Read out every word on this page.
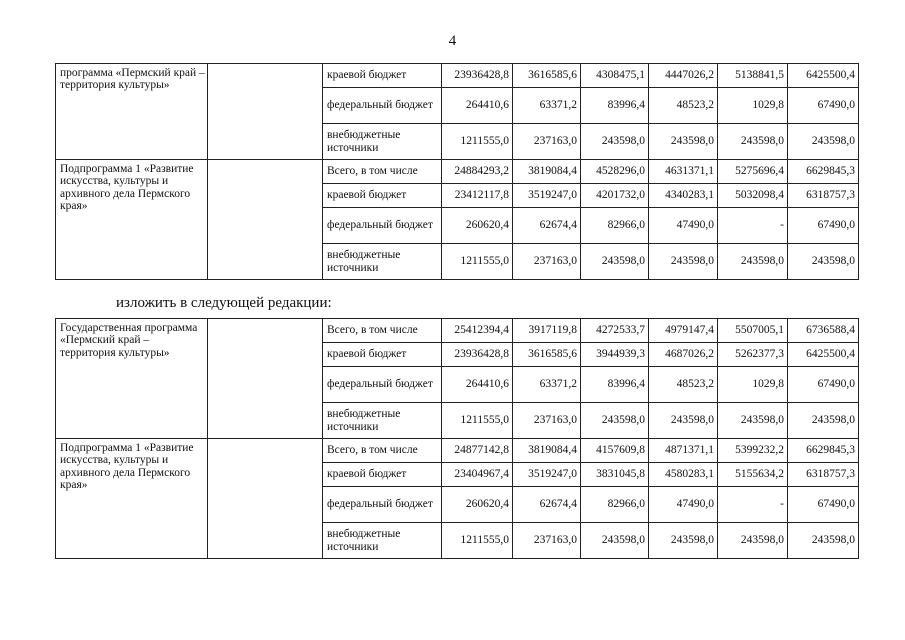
4
программа «Пермский край – территория культуры»		краевой бюджет	23936428,8	3616585,6	4308475,1	4447026,2	5138841,5	6425500,4
		федеральный бюджет	264410,6	63371,2	83996,4	48523,2	1029,8	67490,0
		внебюджетные источники	1211555,0	237163,0	243598,0	243598,0	243598,0	243598,0
Подпрограмма 1 «Развитие искусства, культуры и архивного дела Пермского края»		Всего, в том числе	24884293,2	3819084,4	4528296,0	4631371,1	5275696,4	6629845,3
		краевой бюджет	23412117,8	3519247,0	4201732,0	4340283,1	5032098,4	6318757,3
		федеральный бюджет	260620,4	62674,4	82966,0	47490,0	-	67490,0
		внебюджетные источники	1211555,0	237163,0	243598,0	243598,0	243598,0	243598,0
изложить в следующей редакции:
Государственная программа «Пермский край – территория культуры»		Всего, в том числе	25412394,4	3917119,8	4272533,7	4979147,4	5507005,1	6736588,4
		краевой бюджет	23936428,8	3616585,6	3944939,3	4687026,2	5262377,3	6425500,4
		федеральный бюджет	264410,6	63371,2	83996,4	48523,2	1029,8	67490,0
		внебюджетные источники	1211555,0	237163,0	243598,0	243598,0	243598,0	243598,0
Подпрограмма 1 «Развитие искусства, культуры и архивного дела Пермского края»		Всего, в том числе	24877142,8	3819084,4	4157609,8	4871371,1	5399232,2	6629845,3
		краевой бюджет	23404967,4	3519247,0	3831045,8	4580283,1	5155634,2	6318757,3
		федеральный бюджет	260620,4	62674,4	82966,0	47490,0	-	67490,0
		внебюджетные источники	1211555,0	237163,0	243598,0	243598,0	243598,0	243598,0
